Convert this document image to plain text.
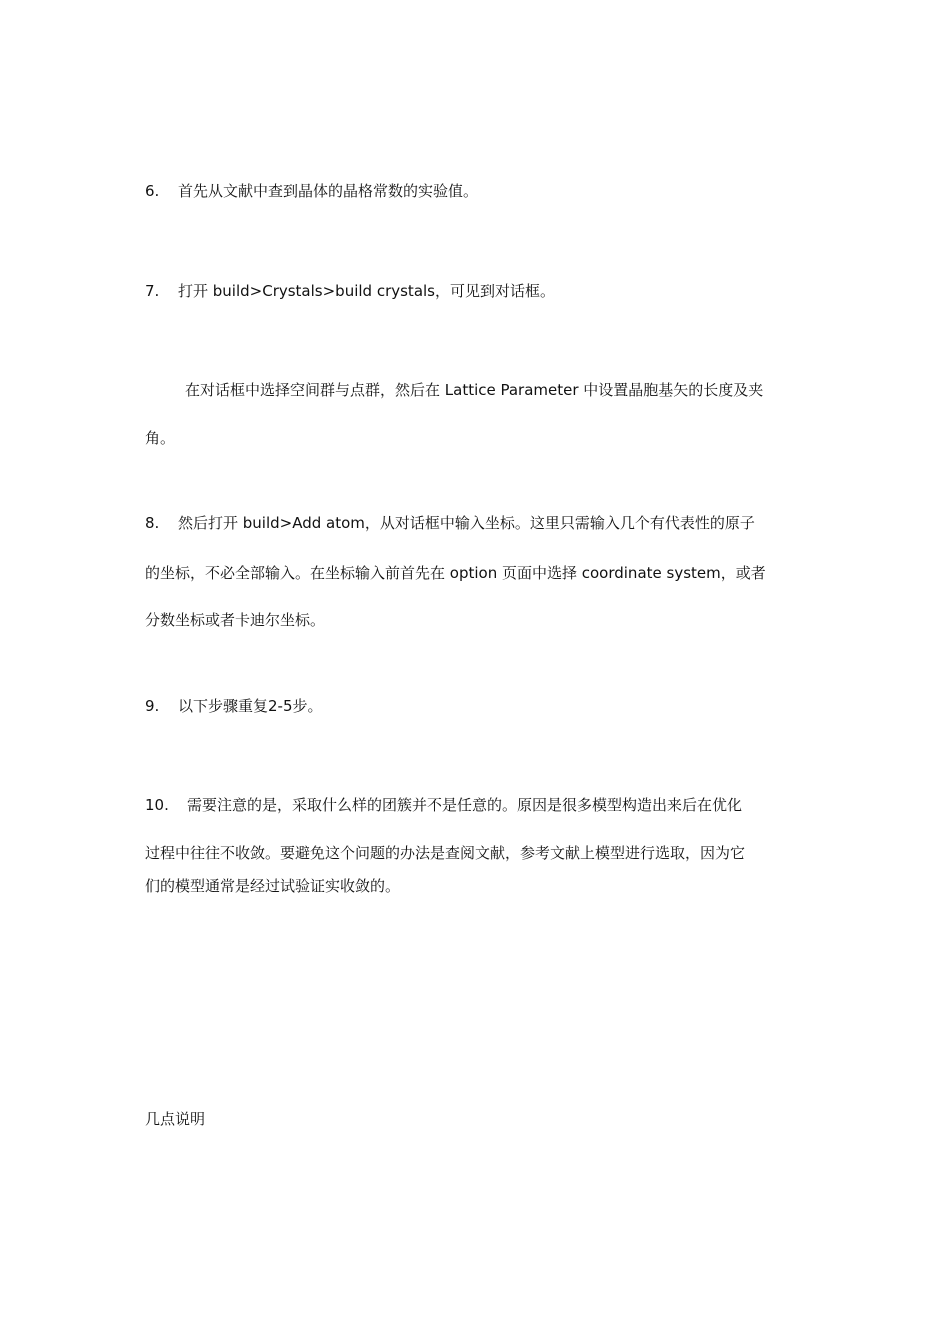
6. 首先从文献中查到晶体的晶格常数的实验值。
7. 打开 build>Crystals>build crystals，可见到对话框。
在对话框中选择空间群与点群，然后在 Lattice Parameter 中设置晶胞基矢的长度及夹
角。
8. 然后打开 build>Add atom，从对话框中输入坐标。这里只需输入几个有代表性的原子
的坐标，不必全部输入。在坐标输入前首先在 option 页面中选择 coordinate system，或者
分数坐标或者卡迪尔坐标。
9. 以下步骤重复2-5步。
10. 需要注意的是，采取什么样的团簇并不是任意的。原因是很多模型构造出来后在优化
过程中往往不收敛。要避免这个问题的办法是查阅文献，参考文献上模型进行选取，因为它
们的模型通常是经过试验证实收敛的。
几点说明
